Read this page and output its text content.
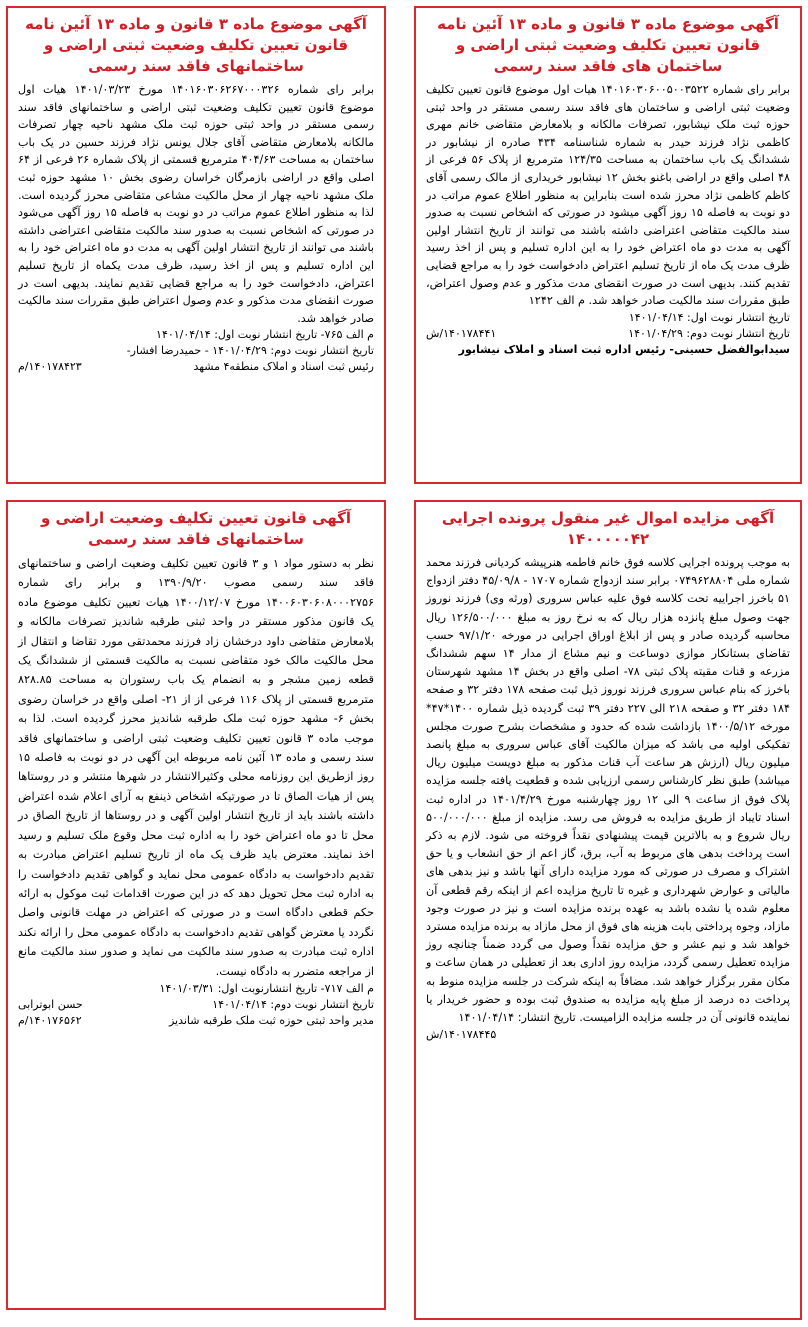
آگهی موضوع ماده ۳ قانون و ماده ۱۳ آئین نامه قانون تعیین تکلیف وضعیت ثبتی اراضی و ساختمان های فاقد سند رسمی

برابر رای شماره ۱۴۰۱۶۰۳۰۶۰۰۵۰۰۳۵۲۲ هیات اول موضوع قانون تعیین تکلیف وضعیت ثبتی اراضی و ساختمان های فاقد سند رسمی مستقر در واحد ثبتی حوزه ثبت ملک نیشابور، تصرفات مالکانه و بلامعارض متقاضی خانم مهری کاظمی نژاد فرزند حیدر به شماره شناسنامه ۴۳۴ صادره از نیشابور در ششدانگ یک باب ساختمان به مساحت ۱۲۴/۳۵ مترمربع از پلاک ۵۶ فرعی از ۴۸ اصلی واقع در اراضی باغنو بخش ۱۲ نیشابور خریداری از مالک رسمی آقای کاظم کاظمی نژاد محرز شده است بنابراین به منظور اطلاع عموم مراتب در دو نوبت به فاصله ۱۵ روز آگهی میشود در صورتی که اشخاص نسبت به صدور سند مالکیت متقاضی اعتراضی داشته باشند می توانند از تاریخ انتشار اولین آگهی به مدت دو ماه اعتراض خود را به این اداره تسلیم و پس از اخذ رسید ظرف مدت یک ماه از تاریخ تسلیم اعتراض دادخواست خود را به مراجع قضایی تقدیم کنند. بدیهی است در صورت انقضای مدت مذکور و عدم وصول اعتراض، طبق مقررات سند مالکیت صادر خواهد شد. م الف ۱۲۴۲

تاریخ انتشار نوبت اول: ۱۴۰۱/۰۴/۱۴

تاریخ انتشار نوبت دوم: ۱۴۰۱/۰۴/۲۹

۱۴۰۱۷۸۴۴۱/ش

سیدابوالفضل حسینی- رئیس اداره ثبت اسناد و املاک نیشابور

آگهی موضوع ماده ۳ قانون و ماده ۱۳ آئین نامه قانون تعیین تکلیف وضعیت ثبتی اراضی و ساختمانهای فاقد سند رسمی

برابر رای شماره ۱۴۰۱۶۰۳۰۶۲۶۷۰۰۰۳۲۶ مورخ ۱۴۰۱/۰۳/۲۳ هیات اول موضوع قانون تعیین تکلیف وضعیت ثبتی اراضی و ساختمانهای فاقد سند رسمی مستقر در واحد ثبتی حوزه ثبت ملک مشهد ناحیه چهار تصرفات مالکانه بلامعارض متقاضی آقای جلال یونس نژاد فرزند حسین در یک باب ساختمان به مساحت ۴۰۴/۶۳ مترمربع قسمتی از پلاک شماره ۲۶ فرعی از ۶۴ اصلی واقع در اراضی بازمرگان خراسان رضوی بخش ۱۰ مشهد حوزه ثبت ملک مشهد ناحیه چهار از محل مالکیت مشاعی متقاضی محرز گردیده است. لذا به منظور اطلاع عموم مراتب در دو نوبت به فاصله ۱۵ روز آگهی می‌شود در صورتی که اشخاص نسبت به صدور سند مالکیت متقاضی اعتراضی داشته باشند می توانند از تاریخ انتشار اولین آگهی به مدت دو ماه اعتراض خود را به این اداره تسلیم و پس از اخذ رسید، ظرف مدت یکماه از تاریخ تسلیم اعتراض، دادخواست خود را به مراجع قضایی تقدیم نمایند. بدیهی است در صورت انقضای مدت مذکور و عدم وصول اعتراض طبق مقررات سند مالکیت صادر خواهد شد.

م الف ۷۶۵- تاریخ انتشار نوبت اول: ۱۴۰۱/۰۴/۱۴

تاریخ انتشار نوبت دوم: ۱۴۰۱/۰۴/۲۹ - حمیدرضا افشار-

رئیس ثبت اسناد و املاک منطقه۴ مشهد

۱۴۰۱۷۸۴۲۳/م

آگهی مزایده اموال غیر منقول پرونده اجرایی

۱۴۰۰۰۰۰۴۲

به موجب پرونده اجرایی کلاسه فوق خانم فاطمه هنرپیشه کردیانی فرزند محمد شماره ملی ۰۷۴۹۶۲۸۸۰۴ برابر سند ازدواج شماره ۱۷۰۷ - ۴۵/۰۹/۸ دفتر ازدواج ۵۱ باخرز اجراییه تحت کلاسه فوق علیه عباس سروری (ورثه وی) فرزند نوروز جهت وصول مبلغ پانزده هزار ریال که به نرخ روز به مبلغ ۱۲۶/۵۰۰/۰۰۰ ریال محاسبه گردیده صادر و پس از ابلاغ اوراق اجرایی در مورخه ۹۷/۱/۲۰ حسب تقاضای بستانکار موازی دوساعت و نیم مشاع از مدار ۱۴ سهم ششدانگ مزرعه و قنات مقیته پلاک ثبتی ۷۸- اصلی واقع در بخش ۱۴ مشهد شهرستان باخرز که بنام عباس سروری فرزند نوروز ذیل ثبت صفحه ۱۷۸ دفتر ۳۲ و صفحه ۱۸۴ دفتر ۳۲ و صفحه ۲۱۸ الی ۲۲۷ دفتر ۳۹ ثبت گردیده ذیل شماره ۱۴۰۰*۴۷* مورخه ۱۴۰۰/۵/۱۲ بازداشت شده که حدود و مشخصات بشرح صورت مجلس تفکیکی اولیه می باشد که میزان مالکیت آقای عباس سروری به مبلغ پانصد میلیون ریال (ارزش هر ساعت آب قنات مذکور به مبلغ دویست میلیون ریال میباشد) طبق نظر کارشناس رسمی ارزیابی شده و قطعیت یافته جلسه مزایده پلاک فوق از ساعت ۹ الی ۱۲ روز چهارشنبه مورخ ۱۴۰۱/۴/۲۹ در اداره ثبت اسناد تایباد از طریق مزایده به فروش می رسد. مزایده از مبلغ ۵۰۰/۰۰۰/۰۰۰ ریال شروع و به بالاترین قیمت پیشنهادی نقداً فروخته می شود. لازم به ذکر است پرداخت بدهی های مربوط به آب، برق، گاز اعم از حق انشعاب و یا حق اشتراک و مصرف در صورتی که مورد مزایده دارای آنها باشد و نیز بدهی های مالیاتی و عوارض شهرداری و غیره تا تاریخ مزایده اعم از اینکه رقم قطعی آن معلوم شده یا نشده باشد به عهده برنده مزایده است و نیز در صورت وجود مازاد، وجوه پرداختی بابت هزینه های فوق از محل مازاد به برنده مزایده مسترد خواهد شد و نیم عشر و حق مزایده نقداً وصول می گردد ضمناً چنانچه روز مزایده تعطیل رسمی گردد، مزایده روز اداری بعد از تعطیلی در همان ساعت و مکان مقرر برگزار خواهد شد. مضافاً به اینکه شرکت در جلسه مزایده منوط به پرداخت ده درصد از مبلغ پایه مزایده به صندوق ثبت بوده و حضور خریدار یا نماینده قانونی آن در جلسه مزایده الزامیست. تاریخ انتشار: ۱۴۰۱/۰۴/۱۴

۱۴۰۱۷۸۴۴۵/ش

آگهی قانون تعیین تکلیف وضعیت اراضی و ساختمانهای فاقد سند رسمی

نظر به دستور مواد ۱ و ۳ قانون تعیین تکلیف وضعیت اراضی و ساختمانهای فاقد سند رسمی مصوب ۱۳۹۰/۹/۲۰ و برابر رای شماره ۱۴۰۰۶۰۳۰۶۰۸۰۰۰۲۷۵۶ مورخ ۱۴۰۰/۱۲/۰۷ هیات تعیین تکلیف موضوع ماده یک قانون مذکور مستقر در واحد ثبتی طرقبه شاندیز تصرفات مالکانه و بلامعارض متقاضی داود درخشان زاد فرزند محمدتقی مورد تقاضا و انتقال از محل مالکیت مالک خود متقاضی نسبت به مالکیت قسمتی از ششدانگ یک قطعه زمین مشجر و به انضمام یک باب رستوران به مساحت ۸۲۸.۸۵ مترمربع قسمتی از پلاک ۱۱۶ فرعی از از ۲۱- اصلی واقع در خراسان رضوی بخش ۶- مشهد حوزه ثبت ملک طرقبه شاندیز محرز گردیده است. لذا به موجب ماده ۳ قانون تعیین تکلیف وضعیت ثبتی اراضی و ساختمانهای فاقد سند رسمی و ماده ۱۳ آئین نامه مربوطه این آگهی در دو نوبت به فاصله ۱۵ روز ازطریق این روزنامه محلی وکثیرالانتشار در شهرها منتشر و در روستاها پس از هیات الصاق تا در صورتیکه اشخاص ذینفع به آرای اعلام شده اعتراض داشته باشند باید از تاریخ انتشار اولین آگهی و در روستاها از تاریخ الصاق در محل تا دو ماه اعتراض خود را به اداره ثبت محل وقوع ملک تسلیم و رسید اخذ نمایند. معترض باید ظرف یک ماه از تاریخ تسلیم اعتراض مبادرت به تقدیم دادخواست به دادگاه عمومی محل نماید و گواهی تقدیم دادخواست را به اداره ثبت محل تحویل دهد که در این صورت اقدامات ثبت موکول به ارائه حکم قطعی دادگاه است و در صورتی که اعتراض در مهلت قانونی واصل نگردد یا معترض گواهی تقدیم دادخواست به دادگاه عمومی محل را ارائه نکند اداره ثبت مبادرت به صدور سند مالکیت می نماید و صدور سند مالکیت مانع از مراجعه متضرر به دادگاه نیست.

م الف ۷۱۷- تاریخ انتشارنوبت اول: ۱۴۰۱/۰۳/۳۱

تاریخ انتشار نوبت دوم: ۱۴۰۱/۰۴/۱۴

حسن ابوترابی

مدیر واحد ثبتی حوزه ثبت ملک طرقبه شاندیز

۱۴۰۱۷۶۵۶۲/م
